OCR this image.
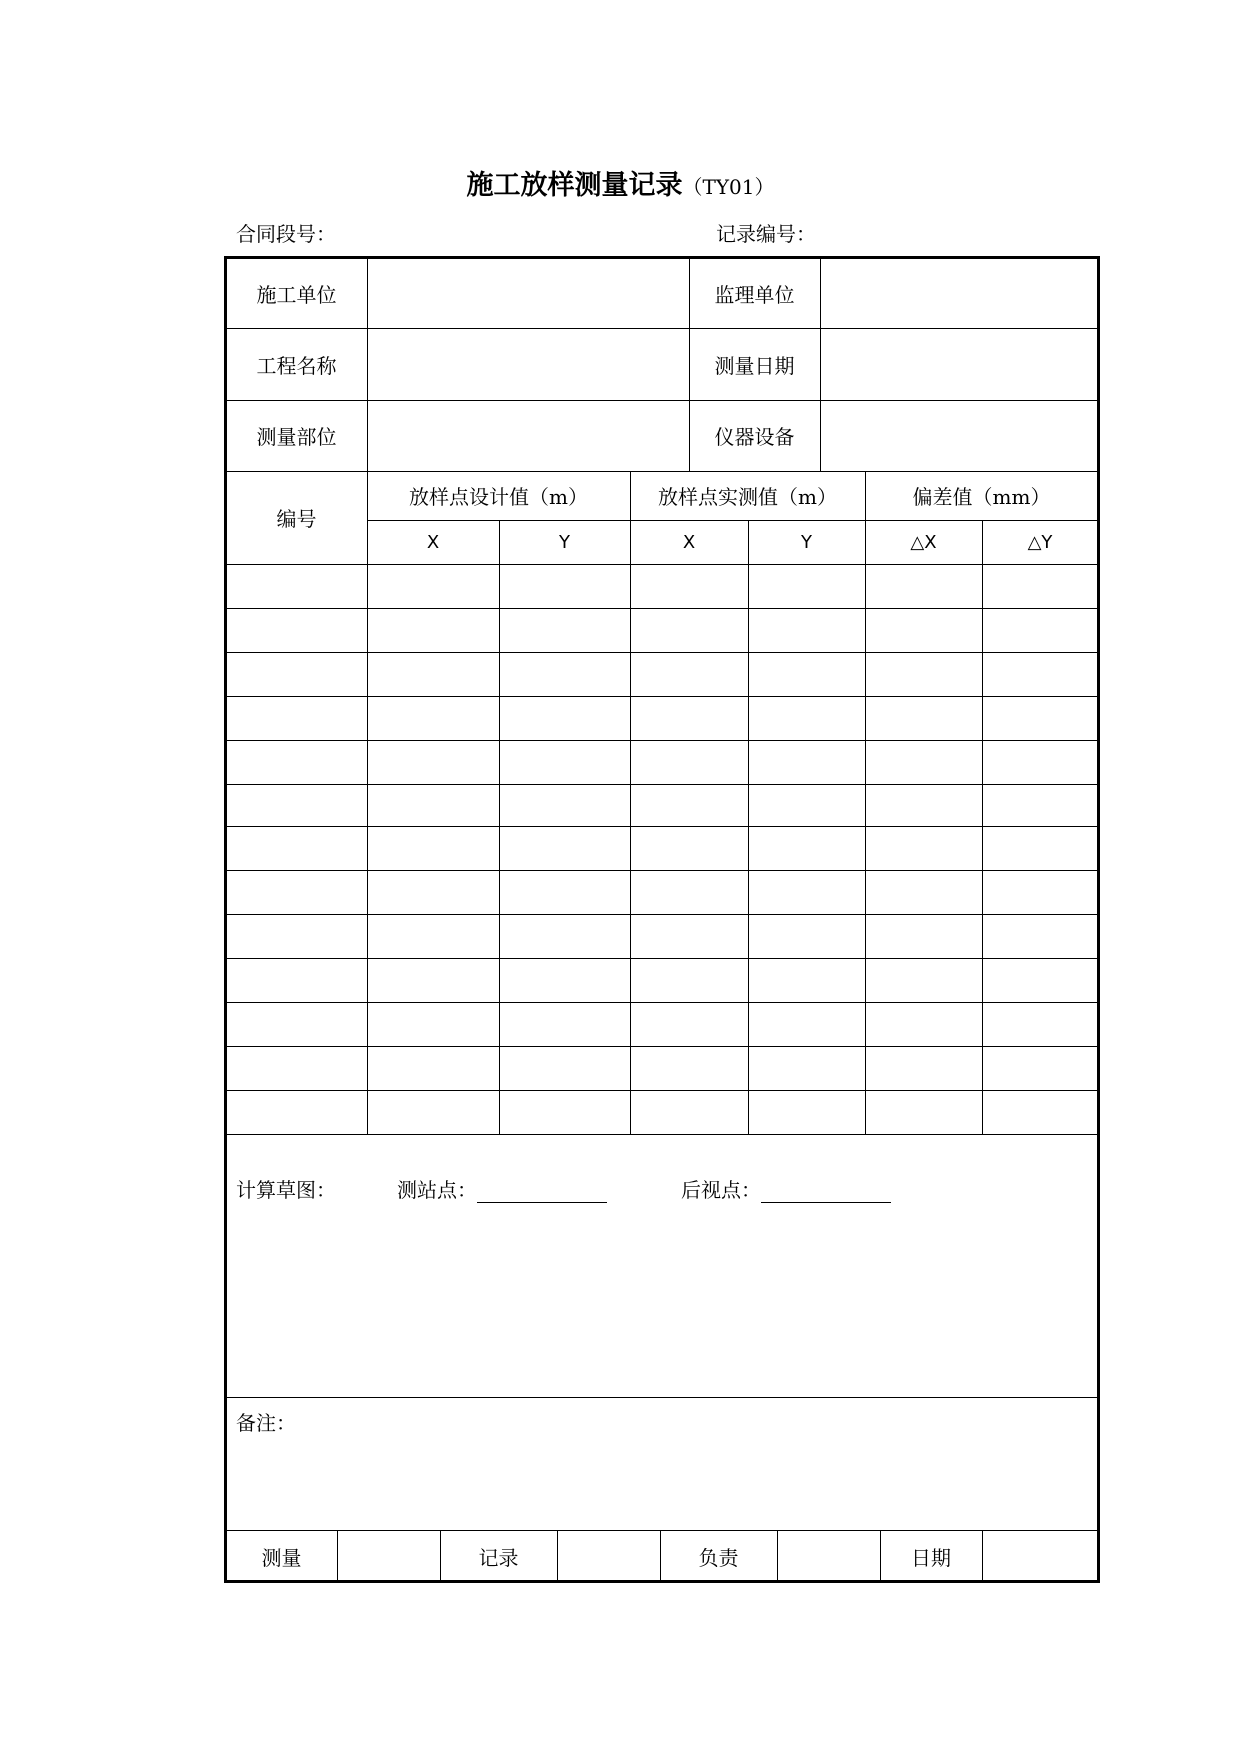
施工放样测量记录（TY01）
合同段号：	记录编号：
施工单位	监理单位
工程名称	测量日期
测量部位	仪器设备
编号
放样点设计值（m）	放样点实测值（m）	偏差值（mm）
X	Y	X	Y	△X	△Y
计算草图：	测站点：	后视点：
备注：
测量	记录	负责	日期
